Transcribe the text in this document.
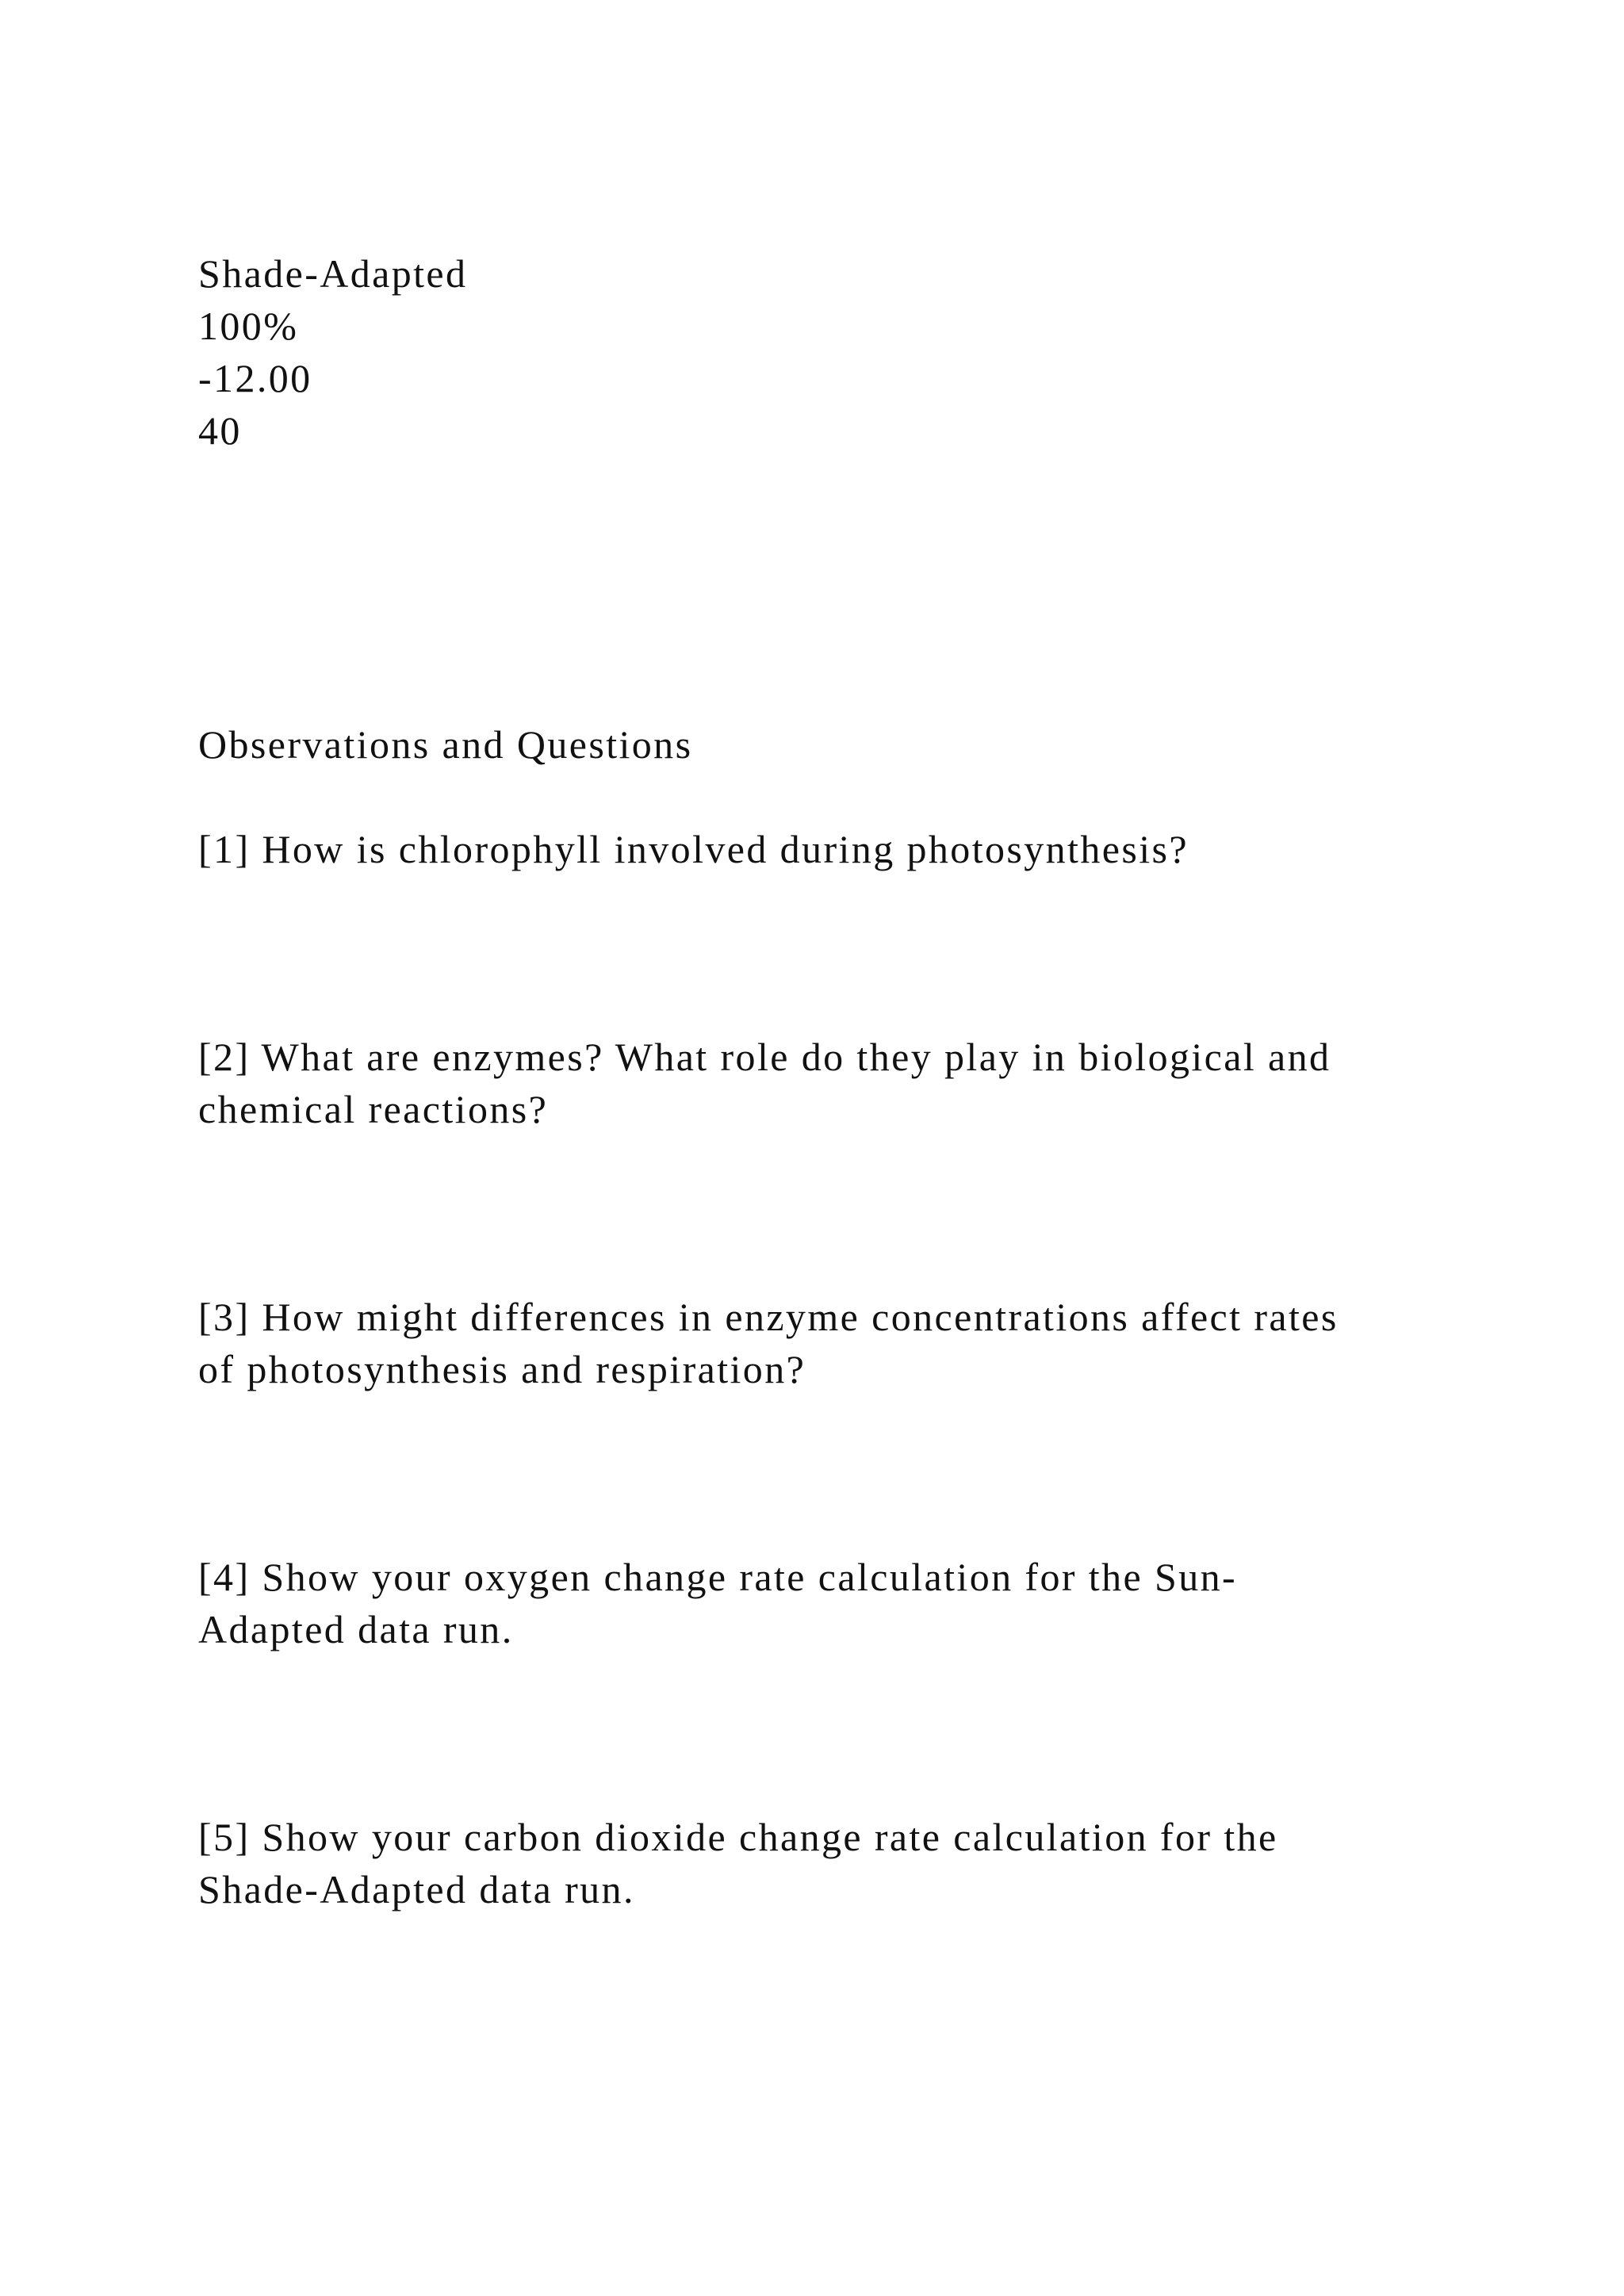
Shade-Adapted
100%
-12.00
40
Observations and Questions
[1] How is chlorophyll involved during photosynthesis?
[2] What are enzymes? What role do they play in biological and
chemical reactions?
[3] How might differences in enzyme concentrations affect rates
of photosynthesis and respiration?
[4] Show your oxygen change rate calculation for the Sun-
Adapted data run.
[5] Show your carbon dioxide change rate calculation for the
Shade-Adapted data run.
